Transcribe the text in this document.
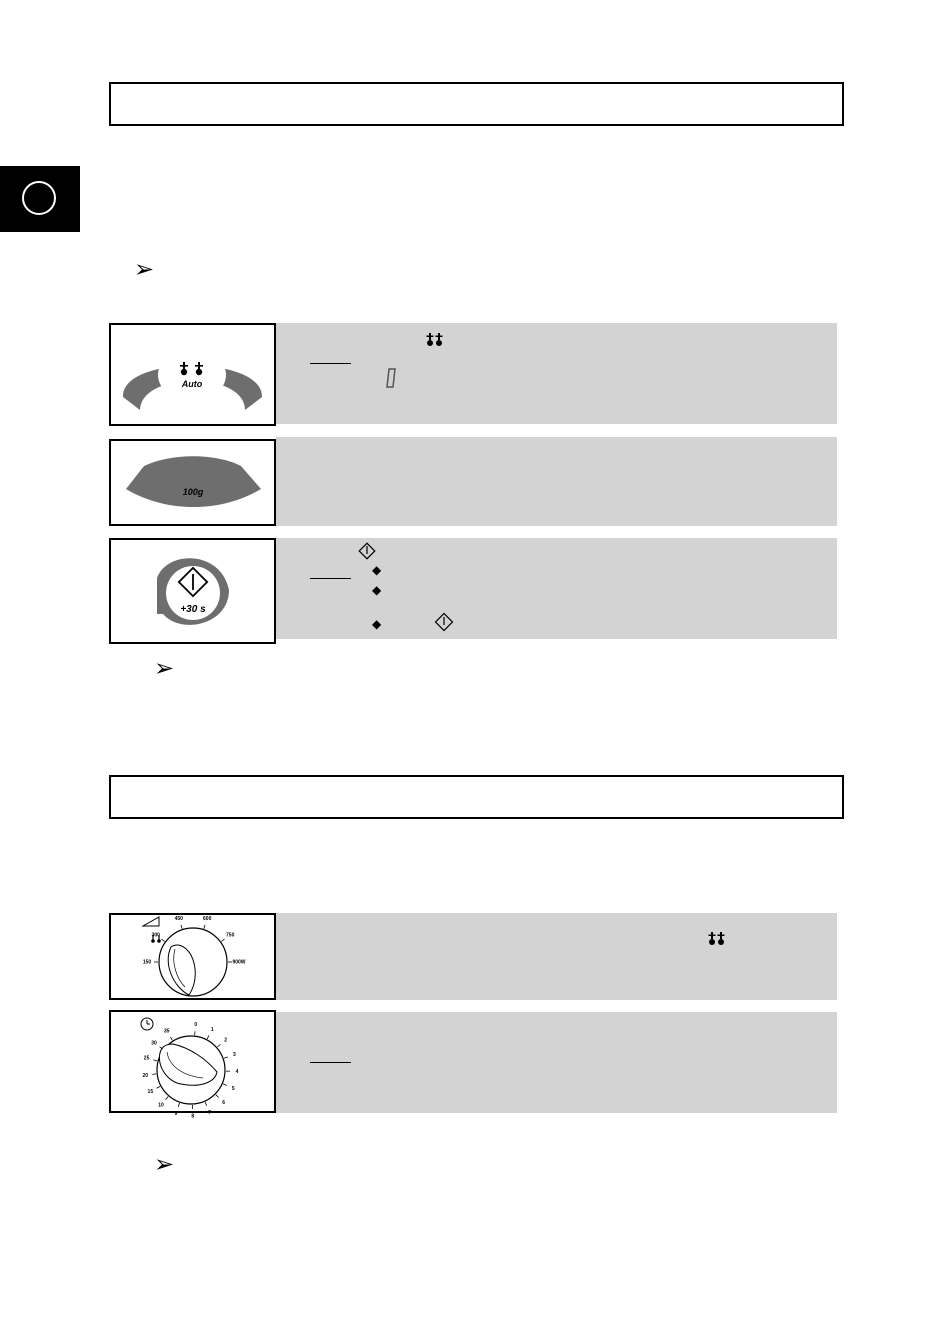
➢
Auto
100g
+30 s
◆
◆
◆
➢
150
300
450	600
750
900W
0
1
2
3
4
5
6
7
8
9
10
15
20
25
30
35
➢
